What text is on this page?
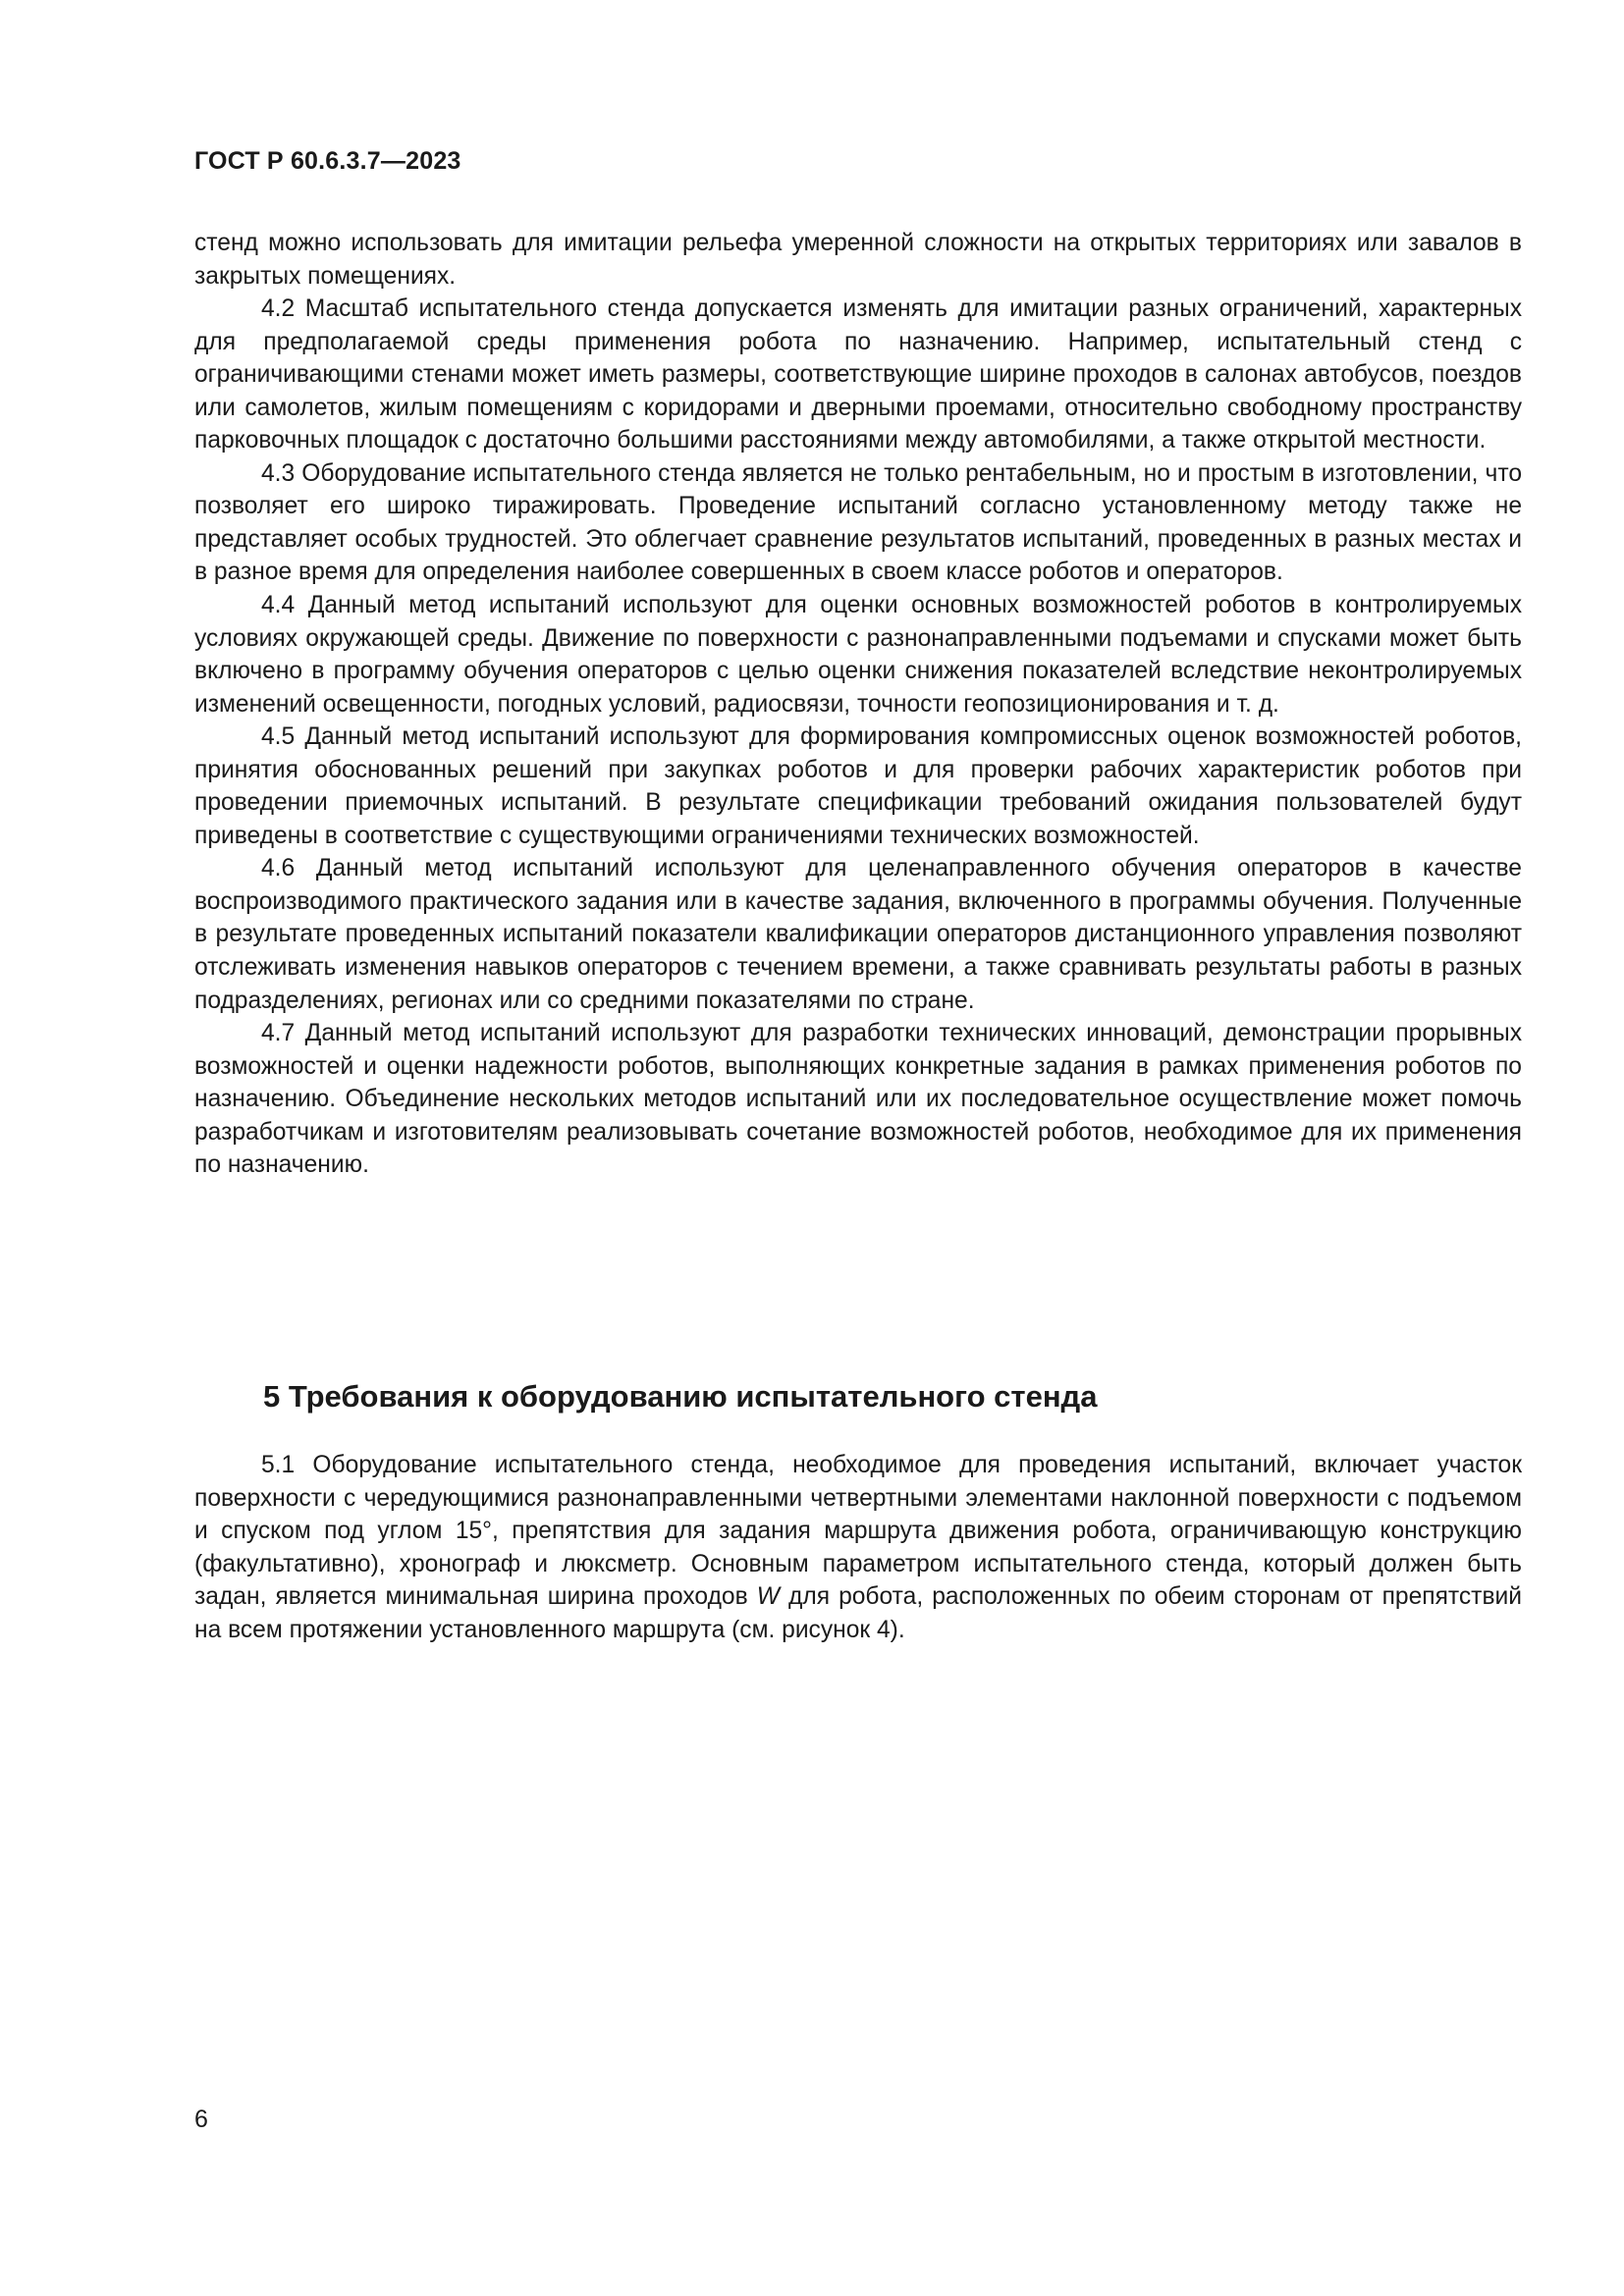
ГОСТ Р 60.6.3.7—2023

стенд можно использовать для имитации рельефа умеренной сложности на открытых территориях или завалов в закрытых помещениях.

4.2 Масштаб испытательного стенда допускается изменять для имитации разных ограничений, характерных для предполагаемой среды применения робота по назначению. Например, испытательный стенд с ограничивающими стенами может иметь размеры, соответствующие ширине проходов в салонах автобусов, поездов или самолетов, жилым помещениям с коридорами и дверными проемами, относительно свободному пространству парковочных площадок с достаточно большими расстояниями между автомобилями, а также открытой местности.

4.3 Оборудование испытательного стенда является не только рентабельным, но и простым в изготовлении, что позволяет его широко тиражировать. Проведение испытаний согласно установленному методу также не представляет особых трудностей. Это облегчает сравнение результатов испытаний, проведенных в разных местах и в разное время для определения наиболее совершенных в своем классе роботов и операторов.

4.4 Данный метод испытаний используют для оценки основных возможностей роботов в контролируемых условиях окружающей среды. Движение по поверхности с разнонаправленными подъемами и спусками может быть включено в программу обучения операторов с целью оценки снижения показателей вследствие неконтролируемых изменений освещенности, погодных условий, радиосвязи, точности геопозиционирования и т. д.

4.5 Данный метод испытаний используют для формирования компромиссных оценок возможностей роботов, принятия обоснованных решений при закупках роботов и для проверки рабочих характеристик роботов при проведении приемочных испытаний. В результате спецификации требований ожидания пользователей будут приведены в соответствие с существующими ограничениями технических возможностей.

4.6 Данный метод испытаний используют для целенаправленного обучения операторов в качестве воспроизводимого практического задания или в качестве задания, включенного в программы обучения. Полученные в результате проведенных испытаний показатели квалификации операторов дистанционного управления позволяют отслеживать изменения навыков операторов с течением времени, а также сравнивать результаты работы в разных подразделениях, регионах или со средними показателями по стране.

4.7 Данный метод испытаний используют для разработки технических инноваций, демонстрации прорывных возможностей и оценки надежности роботов, выполняющих конкретные задания в рамках применения роботов по назначению. Объединение нескольких методов испытаний или их последовательное осуществление может помочь разработчикам и изготовителям реализовывать сочетание возможностей роботов, необходимое для их применения по назначению.

5 Требования к оборудованию испытательного стенда

5.1 Оборудование испытательного стенда, необходимое для проведения испытаний, включает участок поверхности с чередующимися разнонаправленными четвертными элементами наклонной поверхности с подъемом и спуском под углом 15°, препятствия для задания маршрута движения робота, ограничивающую конструкцию (факультативно), хронограф и люксметр. Основным параметром испытательного стенда, который должен быть задан, является минимальная ширина проходов W для робота, расположенных по обеим сторонам от препятствий на всем протяжении установленного маршрута (см. рисунок 4).

6
